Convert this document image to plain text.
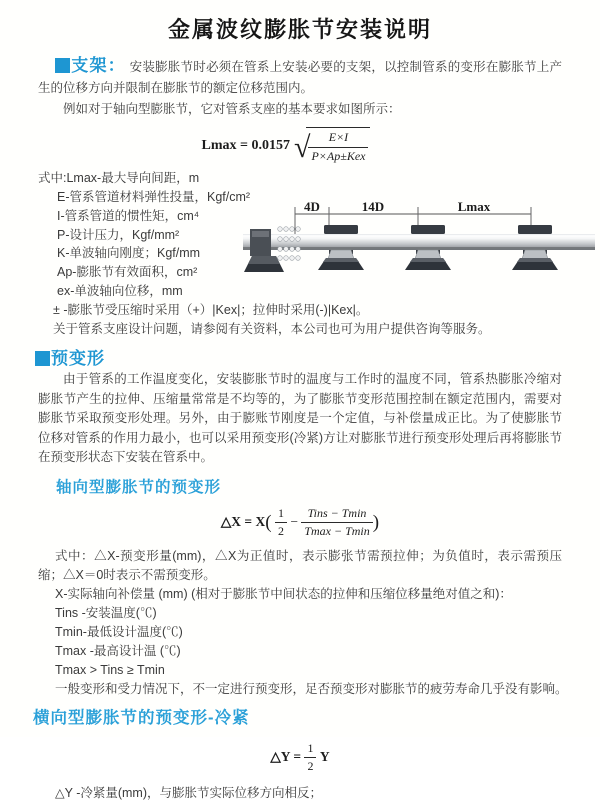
金属波纹膨胀节安装说明
支架： 安装膨胀节时必须在管系上安装必要的支架，以控制管系的变形在膨胀节上产生的位移方向并限制在膨胀节的额定位移范围内。
例如对于轴向型膨胀节，它对管系支座的基本要求如图所示：
Lmax = 0.0157 √
$\frac{E\times I}{\text{P×Ap±Kex}}$
式中:Lmax-最大导向间距，m
E-管系管道材料弹性投量，Kgf/cm²
I-管系管道的惯性矩，cm⁴
P-设计压力，Kgf/mm²
K-单波轴向刚度；Kgf/mm
Ap-膨胀节有效面积，cm²
ex-单波轴向位移，mm
± -膨胀节受压缩时采用（+）|Kex|；拉伸时采用(-)|Kex|。
关于管系支座设计问题，请参阅有关资料，本公司也可为用户提供咨询等服务。
4D	14D	Lmax
预变形
由于管系的工作温度变化，安装膨胀节时的温度与工作时的温度不同，管系热膨胀冷缩对膨胀节产生的拉伸、压缩量常常是不均等的，为了膨胀节变形范围控制在额定范围内，需要对膨胀节采取预变形处理。另外，由于膨账节刚度是一个定值，与补偿量成正比。为了使膨胀节位移对管系的作用力最小，也可以采用预变形(冷紧)方让对膨胀节进行预变形处理后再将膨胀节在预变形状态下安装在管系中。
轴向型膨胀节的预变形
△X = $X( \frac{1}{2} - \frac{\text{Tins − Tmin}}{Tmax - Tmin}$ )
式中：△X-预变形量(mm)，△X为正值时，表示膨张节需预拉伸；为负值时，表示需预压缩；△X＝0时表示不需预变形。
X-实际轴向补偿量 (mm) (相对于膨胀节中间状态的拉伸和压缩位移量绝对值之和)：
Tins -安装温度(℃)
Tmin-最低设计温度(℃)
Tmax -最高设计温 (℃)
Tmax > Tins ≥ Tmin
一般变形和受力情况下，不一定进行预变形，足否预变形对膨胀节的疲劳寿命几乎没有影响。
横向型膨胀节的预变形-冷紧
△Y = $\frac{1}{2}$ Y
△Y -冷紧量(mm)，与膨胀节实际位移方向相反；
